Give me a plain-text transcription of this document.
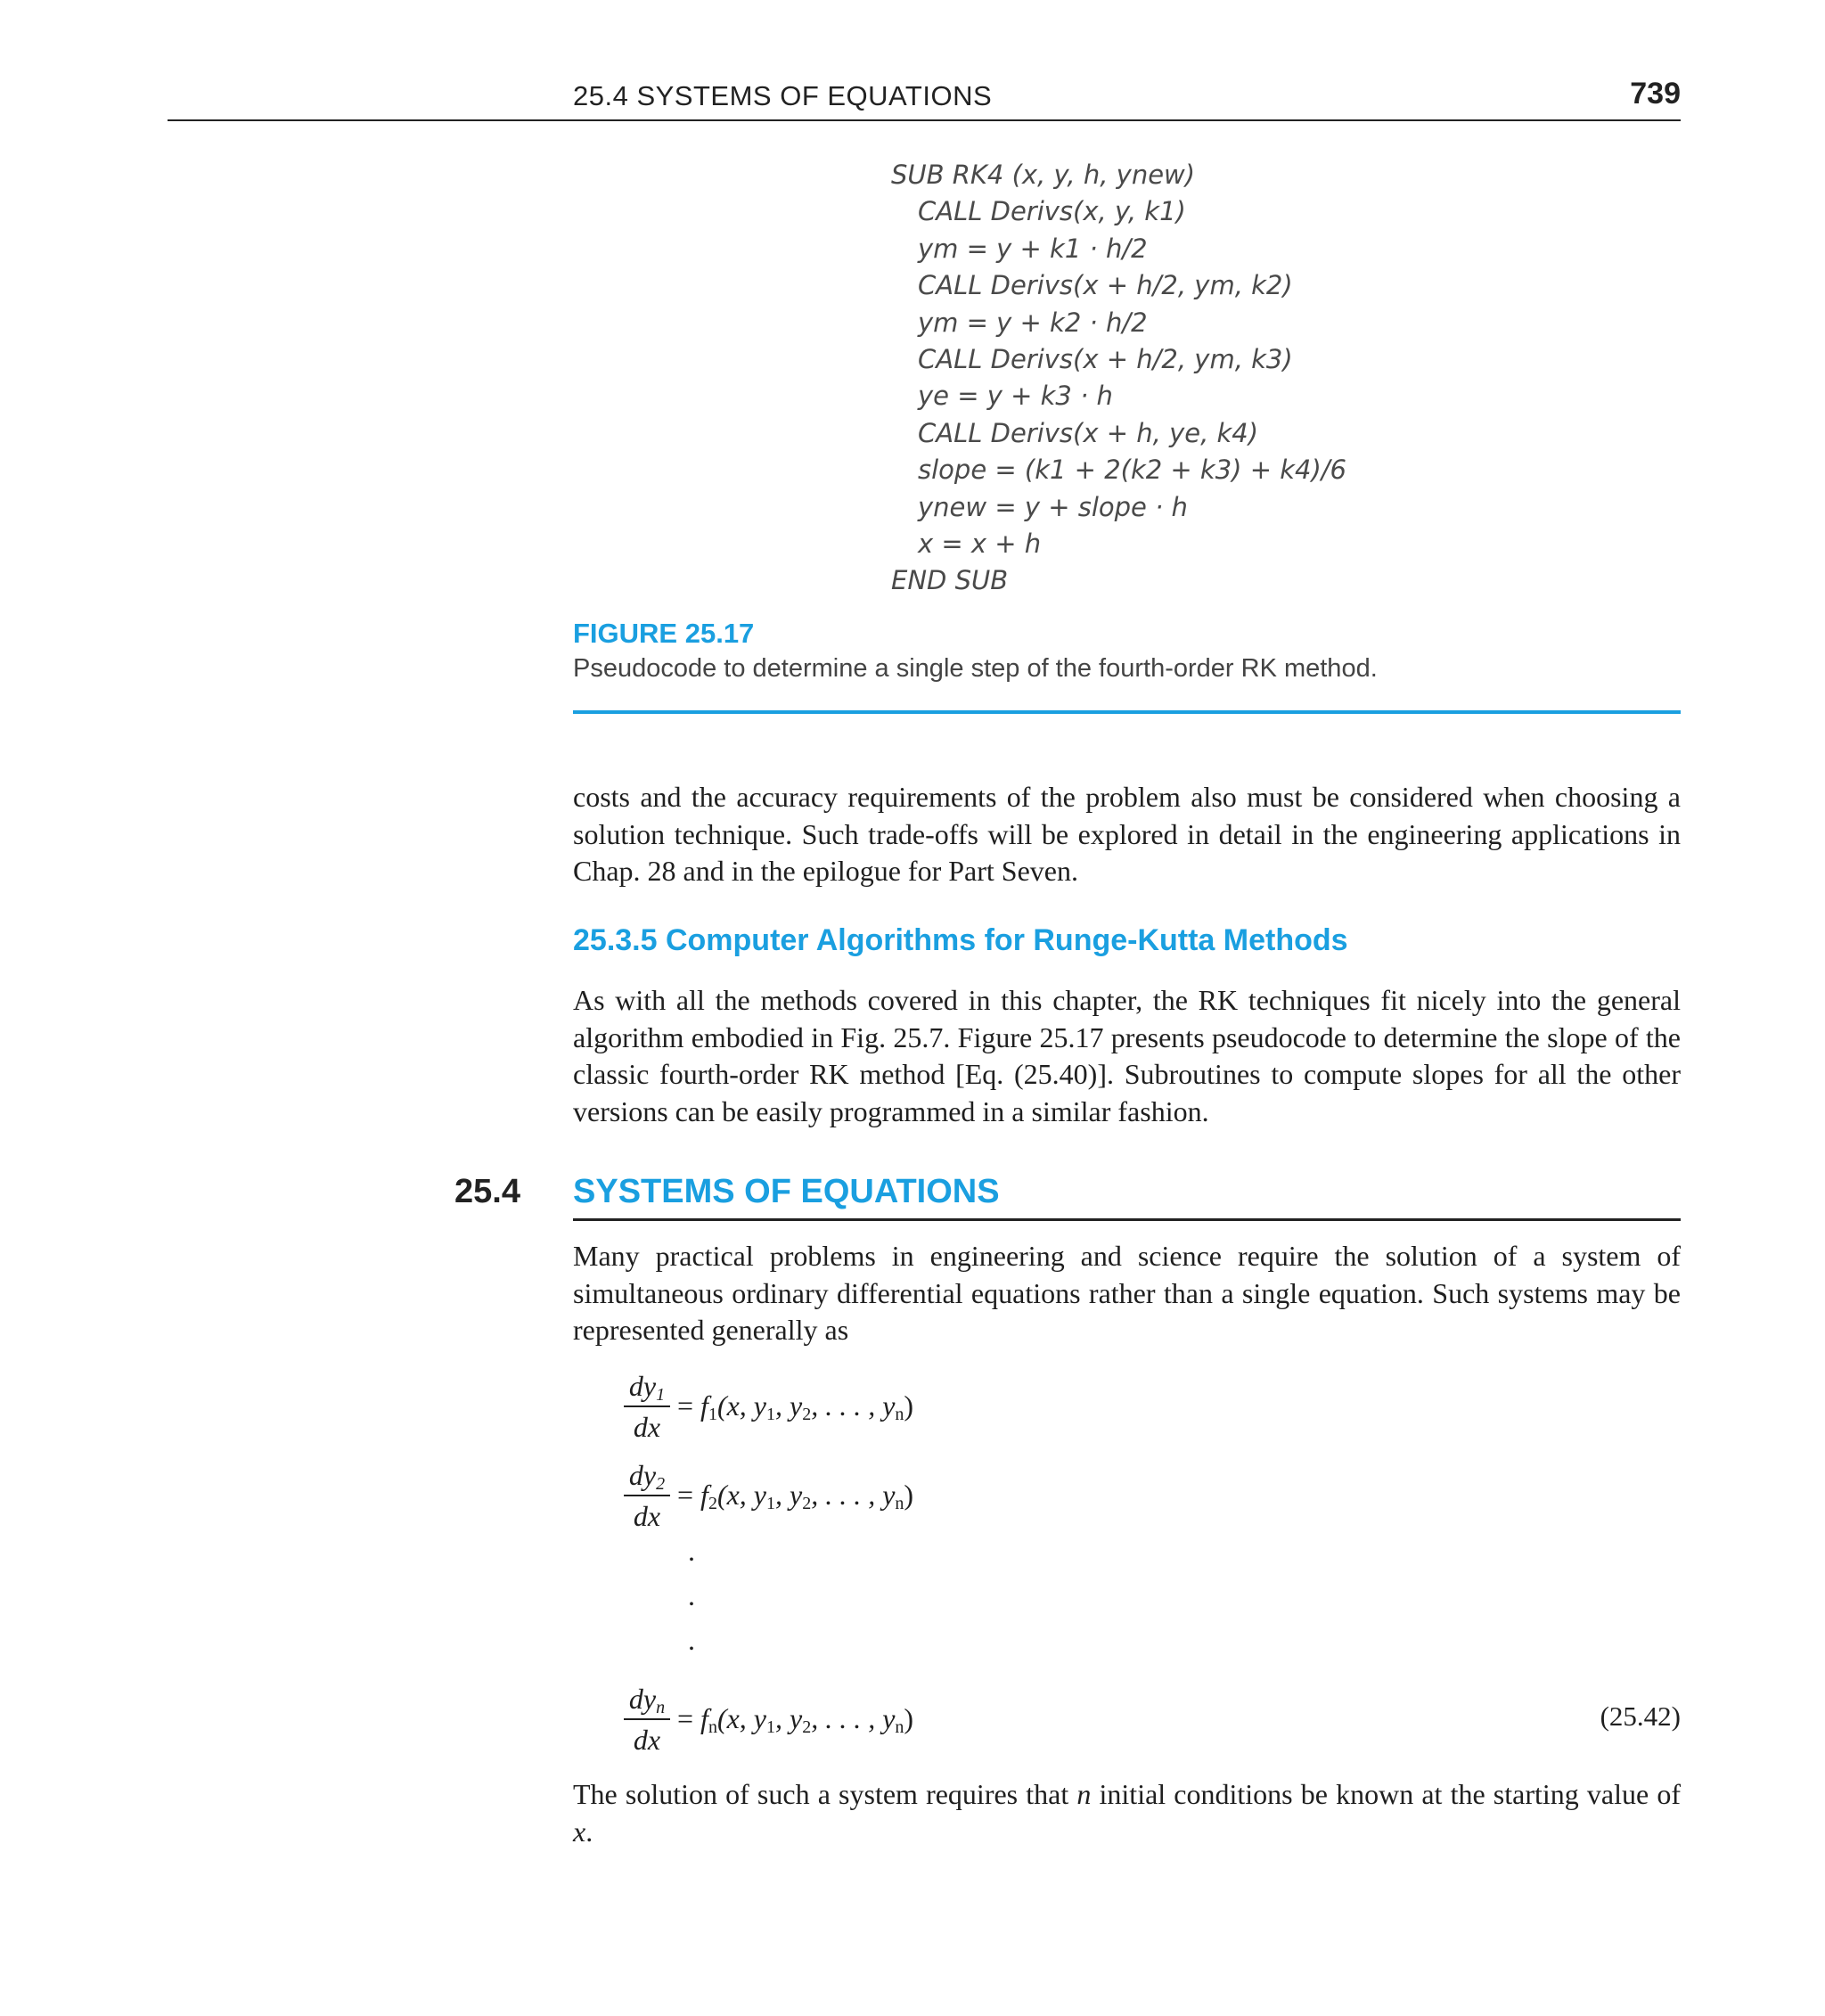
25.4 SYSTEMS OF EQUATIONS	739
SUB RK4 (x, y, h, ynew)
CALL Derivs(x, y, k1)
ym = y + k1 · h/2
CALL Derivs(x + h/2, ym, k2)
ym = y + k2 · h/2
CALL Derivs(x + h/2, ym, k3)
ye = y + k3 · h
CALL Derivs(x + h, ye, k4)
slope = (k1 + 2(k2 + k3) + k4)/6
ynew = y + slope · h
x = x + h
END SUB
FIGURE 25.17
Pseudocode to determine a single step of the fourth-order RK method.
costs and the accuracy requirements of the problem also must be considered when choosing a solution technique. Such trade-offs will be explored in detail in the engineering applications in Chap. 28 and in the epilogue for Part Seven.
25.3.5 Computer Algorithms for Runge-Kutta Methods
As with all the methods covered in this chapter, the RK techniques fit nicely into the general algorithm embodied in Fig. 25.7. Figure 25.17 presents pseudocode to determine the slope of the classic fourth-order RK method [Eq. (25.40)]. Subroutines to compute slopes for all the other versions can be easily programmed in a similar fashion.
25.4 SYSTEMS OF EQUATIONS
Many practical problems in engineering and science require the solution of a system of simultaneous ordinary differential equations rather than a single equation. Such systems may be represented generally as
$dy_1$
dx
= $f_1(x$, $y_1$, $y_2$, . . . , $y_n$)
$dy_2$
dx
= $f_2(x$, $y_1$, $y_2$, . . . , $y_n$)
.
.
.
$dy_n$
dx
= $f_n(x$, $y_1$, $y_2$, . . . , $y_n$)	(25.42)
The solution of such a system requires that n initial conditions be known at the starting value of x.
